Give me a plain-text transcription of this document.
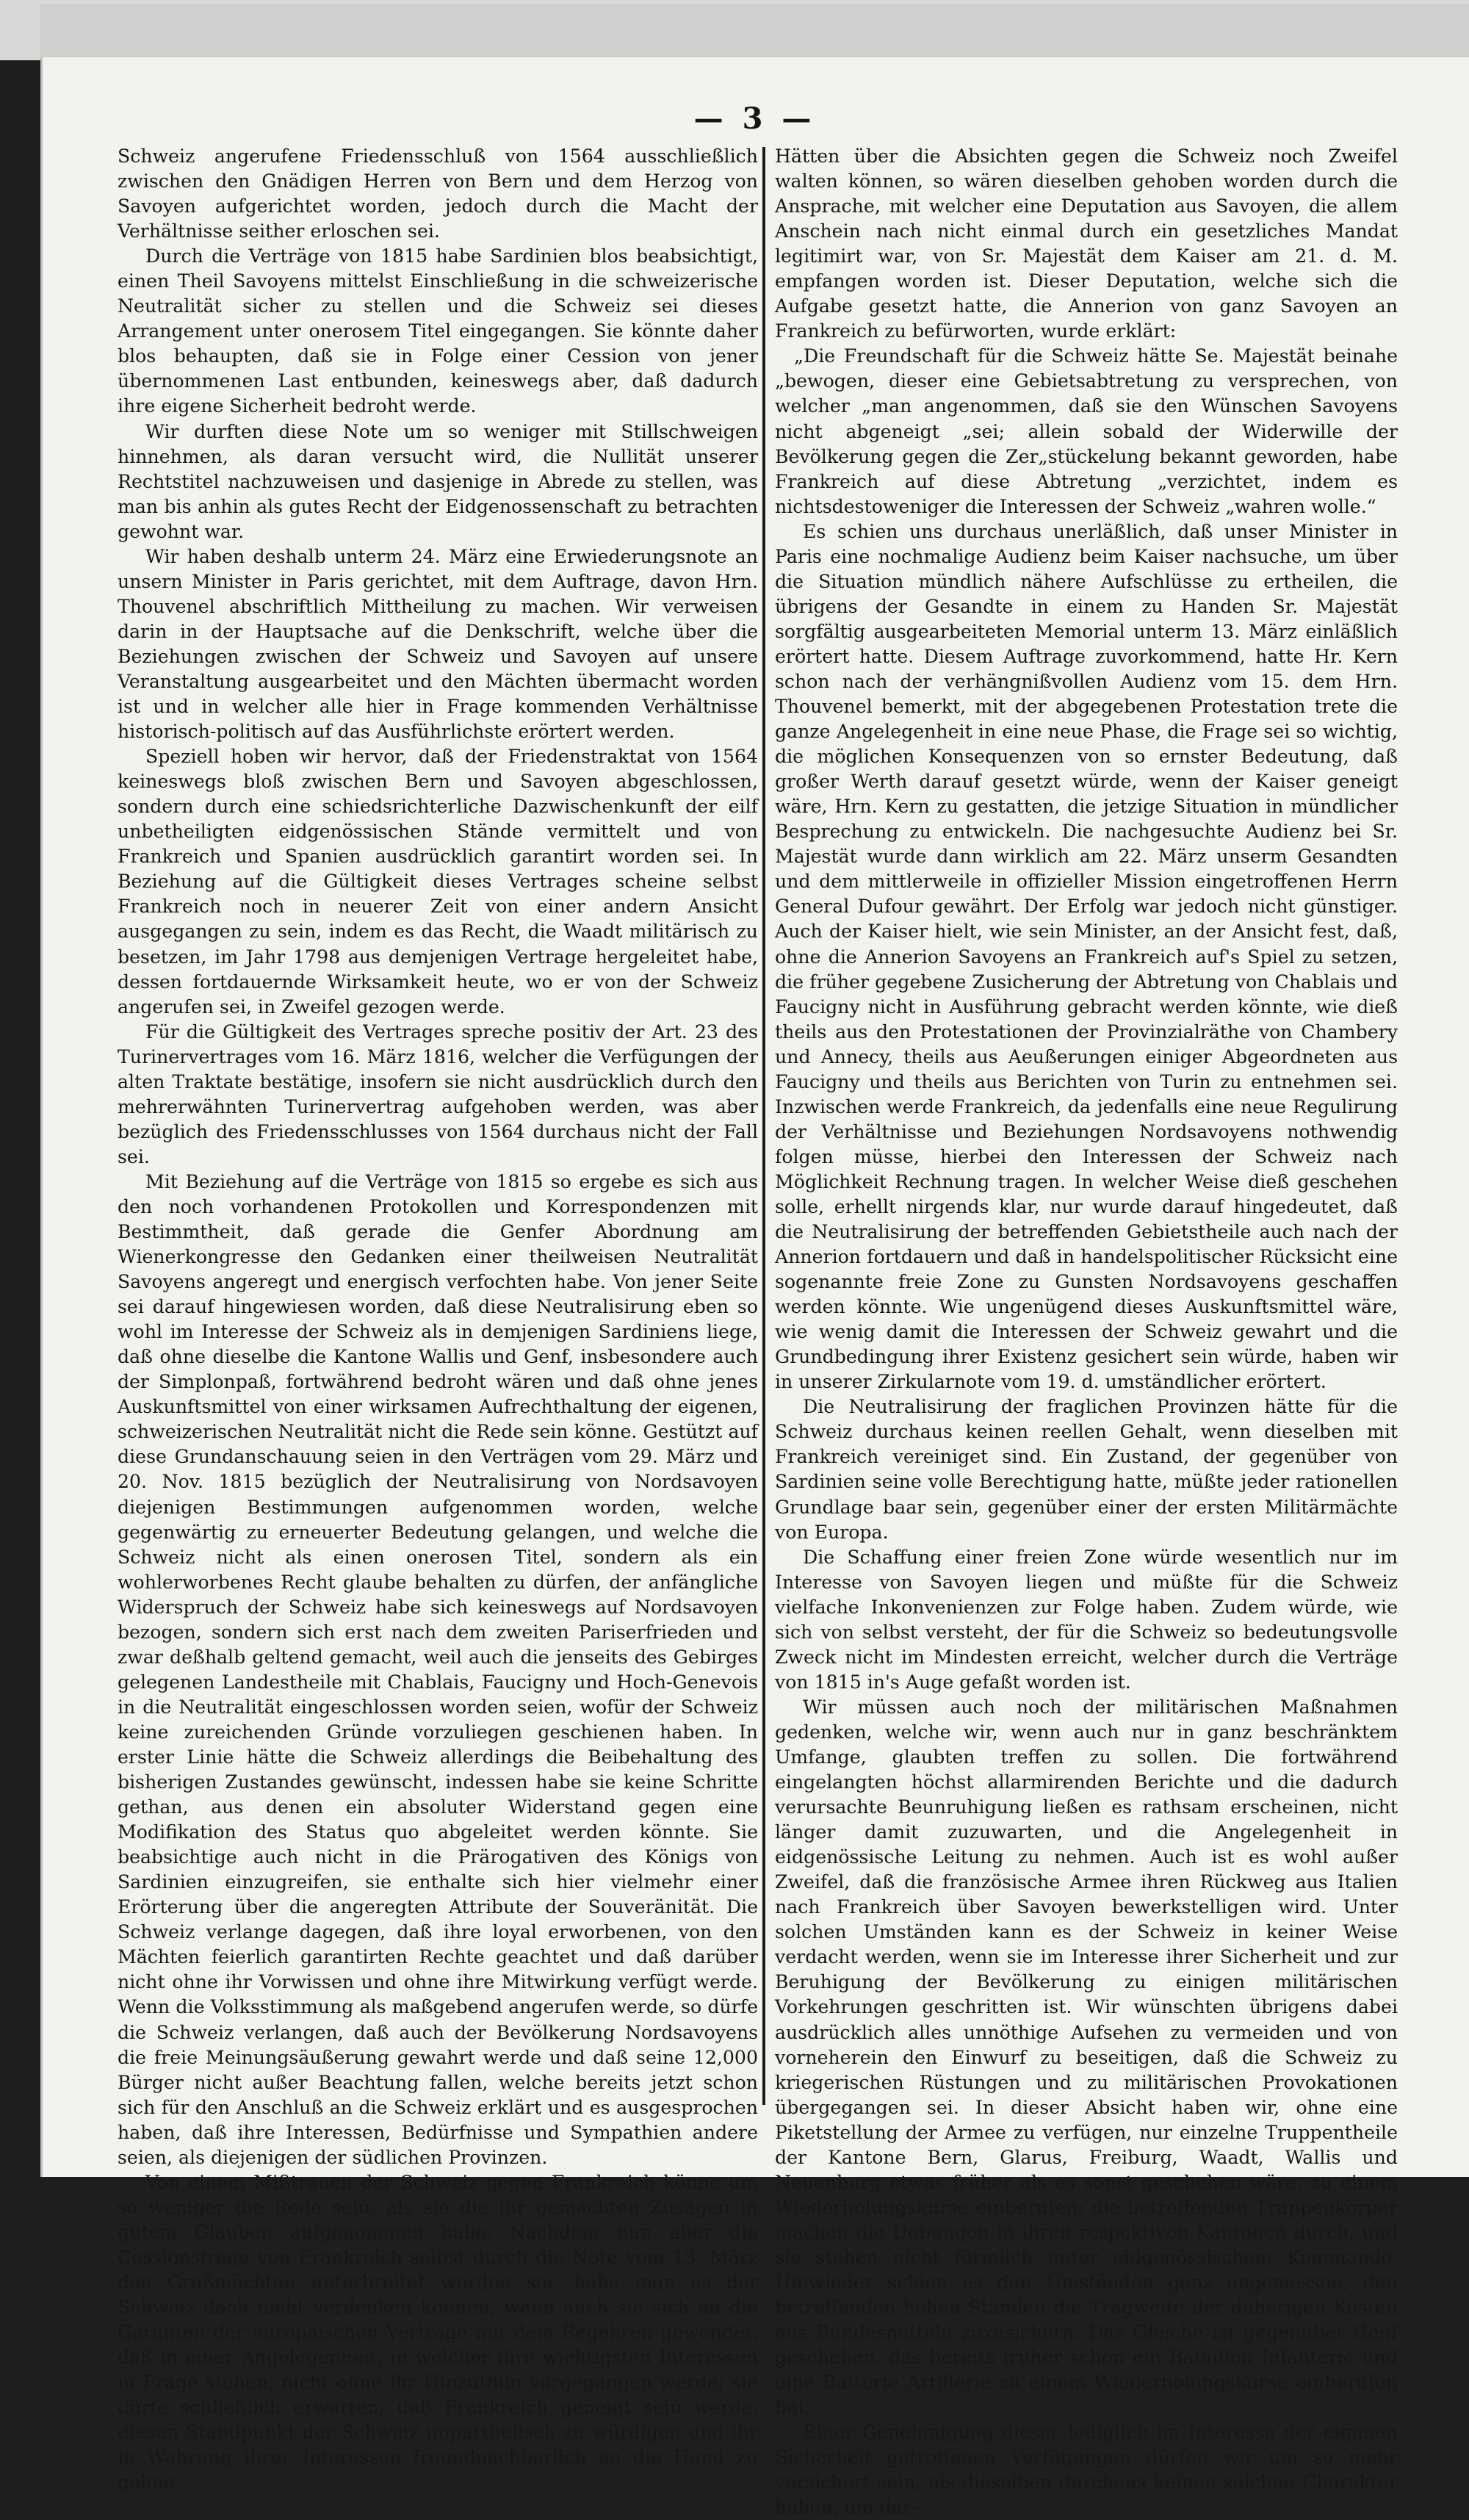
— 3 —

Schweiz angerufene Friedensschluß von 1564 ausschließlich zwischen den Gnädigen Herren von Bern und dem Herzog von Savoyen aufgerichtet worden, jedoch durch die Macht der Verhältnisse seither erloschen sei.

Durch die Verträge von 1815 habe Sardinien blos beabsichtigt, einen Theil Savoyens mittelst Einschließung in die schweizerische Neutralität sicher zu stellen und die Schweiz sei dieses Arrangement unter onerosem Titel eingegangen. Sie könnte daher blos behaupten, daß sie in Folge einer Cession von jener übernommenen Last entbunden, keineswegs aber, daß dadurch ihre eigene Sicherheit bedroht werde.

Wir durften diese Note um so weniger mit Stillschweigen hinnehmen, als daran versucht wird, die Nullität unserer Rechtstitel nachzuweisen und dasjenige in Abrede zu stellen, was man bis anhin als gutes Recht der Eidgenossenschaft zu betrachten gewohnt war.

Wir haben deshalb unterm 24. März eine Erwiederungsnote an unsern Minister in Paris gerichtet, mit dem Auftrage, davon Hrn. Thouvenel abschriftlich Mittheilung zu machen. Wir verweisen darin in der Hauptsache auf die Denkschrift, welche über die Beziehungen zwischen der Schweiz und Savoyen auf unsere Veranstaltung ausgearbeitet und den Mächten übermacht worden ist und in welcher alle hier in Frage kommenden Verhältnisse historisch-politisch auf das Ausführlichste erörtert werden.

Speziell hoben wir hervor, daß der Friedenstraktat von 1564 keineswegs bloß zwischen Bern und Savoyen abgeschlossen, sondern durch eine schiedsrichterliche Dazwischenkunft der eilf unbetheiligten eidgenössischen Stände vermittelt und von Frankreich und Spanien ausdrücklich garantirt worden sei. In Beziehung auf die Gültigkeit dieses Vertrages scheine selbst Frankreich noch in neuerer Zeit von einer andern Ansicht ausgegangen zu sein, indem es das Recht, die Waadt militärisch zu besetzen, im Jahr 1798 aus demjenigen Vertrage hergeleitet habe, dessen fortdauernde Wirksamkeit heute, wo er von der Schweiz angerufen sei, in Zweifel gezogen werde.

Für die Gültigkeit des Vertrages spreche positiv der Art. 23 des Turinervertrages vom 16. März 1816, welcher die Verfügungen der alten Traktate bestätige, insofern sie nicht ausdrücklich durch den mehrerwähnten Turinervertrag aufgehoben werden, was aber bezüglich des Friedensschlusses von 1564 durchaus nicht der Fall sei.

Mit Beziehung auf die Verträge von 1815 so ergebe es sich aus den noch vorhandenen Protokollen und Korrespondenzen mit Bestimmtheit, daß gerade die Genfer Abordnung am Wienerkongresse den Gedanken einer theilweisen Neutralität Savoyens angeregt und energisch verfochten habe. Von jener Seite sei darauf hingewiesen worden, daß diese Neutralisirung eben so wohl im Interesse der Schweiz als in demjenigen Sardiniens liege, daß ohne dieselbe die Kantone Wallis und Genf, insbesondere auch der Simplonpaß, fortwährend bedroht wären und daß ohne jenes Auskunftsmittel von einer wirksamen Aufrechthaltung der eigenen, schweizerischen Neutralität nicht die Rede sein könne. Gestützt auf diese Grundanschauung seien in den Verträgen vom 29. März und 20. Nov. 1815 bezüglich der Neutralisirung von Nordsavoyen diejenigen Bestimmungen aufgenommen worden, welche gegenwärtig zu erneuerter Bedeutung gelangen, und welche die Schweiz nicht als einen onerosen Titel, sondern als ein wohlerworbenes Recht glaube behalten zu dürfen, der anfängliche Widerspruch der Schweiz habe sich keineswegs auf Nordsavoyen bezogen, sondern sich erst nach dem zweiten Pariserfrieden und zwar deßhalb geltend gemacht, weil auch die jenseits des Gebirges gelegenen Landestheile mit Chablais, Faucigny und Hoch-Genevois in die Neutralität eingeschlossen worden seien, wofür der Schweiz keine zureichenden Gründe vorzuliegen geschienen haben. In erster Linie hätte die Schweiz allerdings die Beibehaltung des bisherigen Zustandes gewünscht, indessen habe sie keine Schritte gethan, aus denen ein absoluter Widerstand gegen eine Modifikation des Status quo abgeleitet werden könnte. Sie beabsichtige auch nicht in die Prärogativen des Königs von Sardinien einzugreifen, sie enthalte sich hier vielmehr einer Erörterung über die angeregten Attribute der Souveränität. Die Schweiz verlange dagegen, daß ihre loyal erworbenen, von den Mächten feierlich garantirten Rechte geachtet und daß darüber nicht ohne ihr Vorwissen und ohne ihre Mitwirkung verfügt werde. Wenn die Volksstimmung als maßgebend angerufen werde, so dürfe die Schweiz verlangen, daß auch der Bevölkerung Nordsavoyens die freie Meinungsäußerung gewahrt werde und daß seine 12,000 Bürger nicht außer Beachtung fallen, welche bereits jetzt schon sich für den Anschluß an die Schweiz erklärt und es ausgesprochen haben, daß ihre Interessen, Bedürfnisse und Sympathien andere seien, als diejenigen der südlichen Provinzen.

Von einem Mißtrauen der Schweiz gegen Frankreich könne um so weniger die Rede sein, als sie die ihr gemachten Zusagen in gutem Glauben aufgenommen habe. Nachdem nun aber die Cessionsfrage von Frankreich selbst durch die Note vom 13. März den Großmächten unterbreitet worden sei, habe man es der Schweiz doch nicht verdenken können, wenn auch sie sich an die Garanten der europäischen Verträge mit dem Begehren gewendet, daß in einer Angelegenheit, in welcher ihre wichtigsten Interessen in Frage stehen, nicht ohne ihr Hinzuthun vorgegangen werde; sie dürfe schließlich erwarten, daß Frankreich geneigt sein werde, diesen Standpunkt der Schweiz unpartheiisch zu würdigen und ihr in Wahrung ihrer Interessen freundnachbarlich an die Hand zu gehen.

Hätten über die Absichten gegen die Schweiz noch Zweifel walten können, so wären dieselben gehoben worden durch die Ansprache, mit welcher eine Deputation aus Savoyen, die allem Anschein nach nicht einmal durch ein gesetzliches Mandat legitimirt war, von Sr. Majestät dem Kaiser am 21. d. M. empfangen worden ist. Dieser Deputation, welche sich die Aufgabe gesetzt hatte, die Annerion von ganz Savoyen an Frankreich zu befürworten, wurde erklärt:

„Die Freundschaft für die Schweiz hätte Se. Majestät beinahe „bewogen, dieser eine Gebietsabtretung zu versprechen, von welcher „man angenommen, daß sie den Wünschen Savoyens nicht abgeneigt „sei; allein sobald der Widerwille der Bevölkerung gegen die Zer„stückelung bekannt geworden, habe Frankreich auf diese Abtretung „verzichtet, indem es nichtsdestoweniger die Interessen der Schweiz „wahren wolle.“

Es schien uns durchaus unerläßlich, daß unser Minister in Paris eine nochmalige Audienz beim Kaiser nachsuche, um über die Situation mündlich nähere Aufschlüsse zu ertheilen, die übrigens der Gesandte in einem zu Handen Sr. Majestät sorgfältig ausgearbeiteten Memorial unterm 13. März einläßlich erörtert hatte. Diesem Auftrage zuvorkommend, hatte Hr. Kern schon nach der verhängnißvollen Audienz vom 15. dem Hrn. Thouvenel bemerkt, mit der abgegebenen Protestation trete die ganze Angelegenheit in eine neue Phase, die Frage sei so wichtig, die möglichen Konsequenzen von so ernster Bedeutung, daß großer Werth darauf gesetzt würde, wenn der Kaiser geneigt wäre, Hrn. Kern zu gestatten, die jetzige Situation in mündlicher Besprechung zu entwickeln. Die nachgesuchte Audienz bei Sr. Majestät wurde dann wirklich am 22. März unserm Gesandten und dem mittlerweile in offizieller Mission eingetroffenen Herrn General Dufour gewährt. Der Erfolg war jedoch nicht günstiger. Auch der Kaiser hielt, wie sein Minister, an der Ansicht fest, daß, ohne die Annerion Savoyens an Frankreich auf's Spiel zu setzen, die früher gegebene Zusicherung der Abtretung von Chablais und Faucigny nicht in Ausführung gebracht werden könnte, wie dieß theils aus den Protestationen der Provinzialräthe von Chambery und Annecy, theils aus Aeußerungen einiger Abgeordneten aus Faucigny und theils aus Berichten von Turin zu entnehmen sei. Inzwischen werde Frankreich, da jedenfalls eine neue Regulirung der Verhältnisse und Beziehungen Nordsavoyens nothwendig folgen müsse, hierbei den Interessen der Schweiz nach Möglichkeit Rechnung tragen. In welcher Weise dieß geschehen solle, erhellt nirgends klar, nur wurde darauf hingedeutet, daß die Neutralisirung der betreffenden Gebietstheile auch nach der Annerion fortdauern und daß in handelspolitischer Rücksicht eine sogenannte freie Zone zu Gunsten Nordsavoyens geschaffen werden könnte. Wie ungenügend dieses Auskunftsmittel wäre, wie wenig damit die Interessen der Schweiz gewahrt und die Grundbedingung ihrer Existenz gesichert sein würde, haben wir in unserer Zirkularnote vom 19. d. umständlicher erörtert.

Die Neutralisirung der fraglichen Provinzen hätte für die Schweiz durchaus keinen reellen Gehalt, wenn dieselben mit Frankreich vereiniget sind. Ein Zustand, der gegenüber von Sardinien seine volle Berechtigung hatte, müßte jeder rationellen Grundlage baar sein, gegenüber einer der ersten Militärmächte von Europa.

Die Schaffung einer freien Zone würde wesentlich nur im Interesse von Savoyen liegen und müßte für die Schweiz vielfache Inkonvenienzen zur Folge haben. Zudem würde, wie sich von selbst versteht, der für die Schweiz so bedeutungsvolle Zweck nicht im Mindesten erreicht, welcher durch die Verträge von 1815 in's Auge gefaßt worden ist.

Wir müssen auch noch der militärischen Maßnahmen gedenken, welche wir, wenn auch nur in ganz beschränktem Umfange, glaubten treffen zu sollen. Die fortwährend eingelangten höchst allarmirenden Berichte und die dadurch verursachte Beunruhigung ließen es rathsam erscheinen, nicht länger damit zuzuwarten, und die Angelegenheit in eidgenössische Leitung zu nehmen. Auch ist es wohl außer Zweifel, daß die französische Armee ihren Rückweg aus Italien nach Frankreich über Savoyen bewerkstelligen wird. Unter solchen Umständen kann es der Schweiz in keiner Weise verdacht werden, wenn sie im Interesse ihrer Sicherheit und zur Beruhigung der Bevölkerung zu einigen militärischen Vorkehrungen geschritten ist. Wir wünschten übrigens dabei ausdrücklich alles unnöthige Aufsehen zu vermeiden und von vorneherein den Einwurf zu beseitigen, daß die Schweiz zu kriegerischen Rüstungen und zu militärischen Provokationen übergegangen sei. In dieser Absicht haben wir, ohne eine Piketstellung der Armee zu verfügen, nur einzelne Truppentheile der Kantone Bern, Glarus, Freiburg, Waadt, Wallis und Neuenburg etwas früher als es sonst geschehen wäre, zu einem Wiederholungskurse einberufen: die betreffenden Truppenkörper machen die Uebungen in ihren respektiven Kantonen durch, und sie stehen nicht förmlich unter eidgenössischem Kommando. Hinwieder schien es den Umständen ganz angemessen, den betreffenden hohen Ständen die Tragweite der daherigen Kosten aus Bundesmitteln zuzusichern. Das Gleiche ist gegenüber Genf geschehen, das bereits früher schon ein Bataillon Infanterie und eine Batterie Artillerie zu einem Wiederholungskurse einberufen hat.

Einer Genehmigung dieser lediglich im Interesse der eigenen Sicherheit getroffenen Verfügungen dürfen wir um so mehr versichert sein, als dieselben durchaus keinen solchen Charakter haben, um dar-
